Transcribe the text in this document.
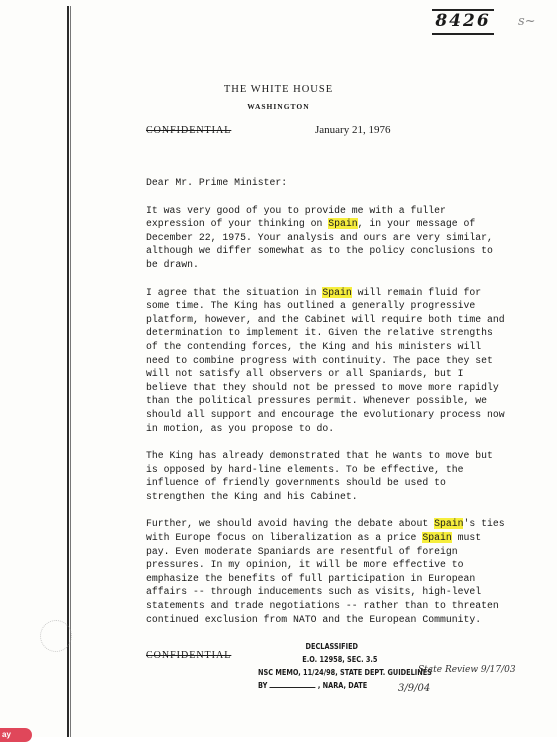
8426 s~
THE WHITE HOUSE
WASHINGTON
CONFIDENTIAL	January 21, 1976

Dear Mr. Prime Minister:

It was very good of you to provide me with a fuller expression of your thinking on Spain, in your message of December 22, 1975. Your analysis and ours are very similar, although we differ somewhat as to the policy conclusions to be drawn.

I agree that the situation in Spain will remain fluid for some time. The King has outlined a generally progressive platform, however, and the Cabinet will require both time and determination to implement it. Given the relative strengths of the contending forces, the King and his ministers will need to combine progress with continuity. The pace they set will not satisfy all observers or all Spaniards, but I believe that they should not be pressed to move more rapidly than the political pressures permit. Whenever possible, we should all support and encourage the evolutionary process now in motion, as you propose to do.

The King has already demonstrated that he wants to move but is opposed by hard-line elements. To be effective, the influence of friendly governments should be used to strengthen the King and his Cabinet.

Further, we should avoid having the debate about Spain's ties with Europe focus on liberalization as a price Spain must pay. Even moderate Spaniards are resentful of foreign pressures. In my opinion, it will be more effective to emphasize the benefits of full participation in European affairs -- through inducements such as visits, high-level statements and trade negotiations -- rather than to threaten continued exclusion from NATO and the European Community.

CONFIDENTIAL
DECLASSIFIED
E.O. 12958, SEC. 3.5
NSC MEMO, 11/24/98, STATE DEPT. GUIDELINES
BY	, NARA, DATE	3/9/04
State Review 9/17/03
ay
